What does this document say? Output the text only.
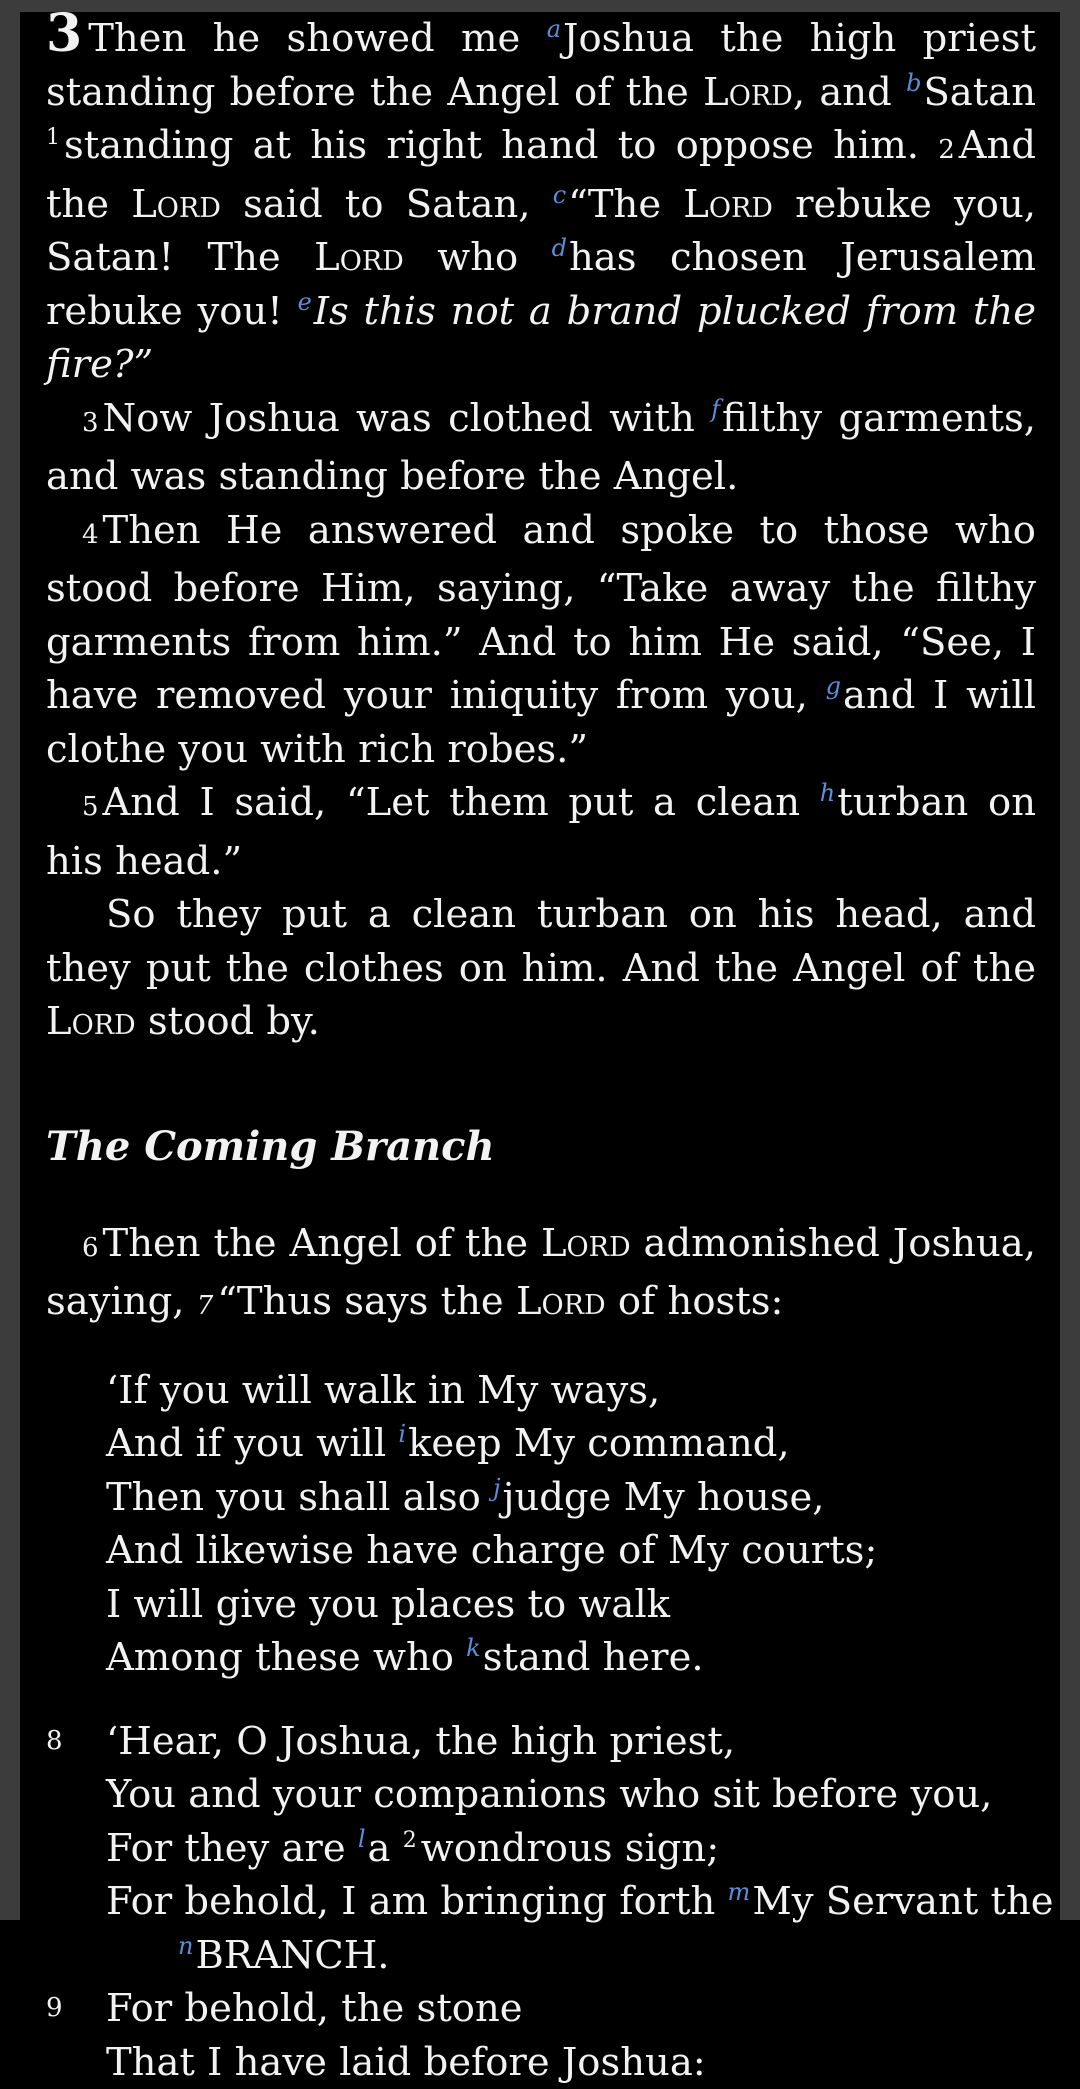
3 Then he showed me $^a$Joshua the high priest standing before the Angel of the Lord, and $^b$Satan $^1$ standing at his right hand to oppose him. 2 And the Lord said to Satan, $^c$“The Lord rebuke you, Satan! The Lord who $^d$has chosen Jerusalem rebuke you! $^e$Is this not a brand plucked from the fire?”

3 Now Joshua was clothed with $^f$filthy garments, and was standing before the Angel.

4 Then He answered and spoke to those who stood before Him, saying, “Take away the filthy garments from him.” And to him He said, “See, I have removed your iniquity from you, $^g$and I will clothe you with rich robes.”

5 And I said, “Let them put a clean $^h$turban on his head.”

So they put a clean turban on his head, and they put the clothes on him. And the Angel of the Lord stood by.

The Coming Branch

6 Then the Angel of the Lord admonished Joshua, saying, 7 “Thus says the Lord of hosts:

‘If you will walk in My ways,
And if you will $^i$keep My command,
Then you shall also $^j$judge My house,
And likewise have charge of My courts;
I will give you places to walk
Among these who $^k$stand here.
8 ‘Hear, O Joshua, the high priest,
You and your companions who sit before you,
For they are $^l$a $^2$ wondrous sign;
For behold, I am bringing forth $^m$My Servant the
$^n$BRANCH.
9 For behold, the stone
That I have laid before Joshua:
